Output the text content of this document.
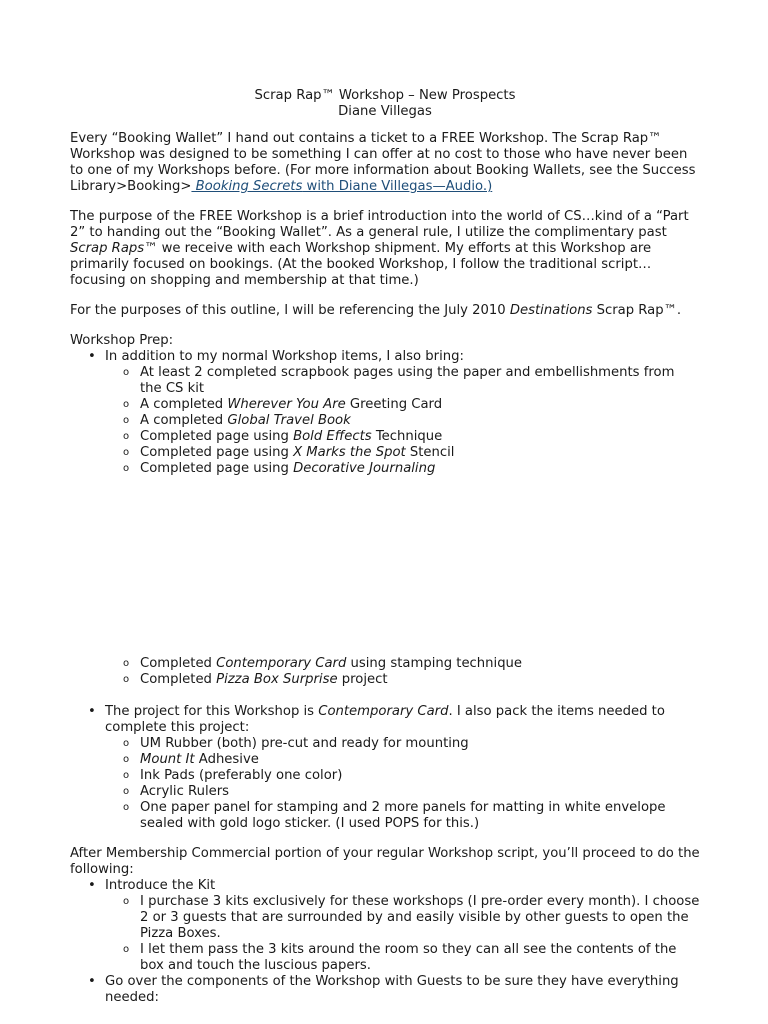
Scrap Rap™ Workshop – New Prospects
Diane Villegas

Every “Booking Wallet” I hand out contains a ticket to a FREE Workshop. The Scrap Rap™ Workshop was designed to be something I can offer at no cost to those who have never been to one of my Workshops before. (For more information about Booking Wallets, see the Success Library>Booking> Booking Secrets with Diane Villegas—Audio.)

The purpose of the FREE Workshop is a brief introduction into the world of CS…kind of a “Part 2” to handing out the “Booking Wallet”. As a general rule, I utilize the complimentary past Scrap Raps™ we receive with each Workshop shipment. My efforts at this Workshop are primarily focused on bookings. (At the booked Workshop, I follow the traditional script… focusing on shopping and membership at that time.)

For the purposes of this outline, I will be referencing the July 2010 Destinations Scrap Rap™.

Workshop Prep:

• In addition to my normal Workshop items, I also bring:
o At least 2 completed scrapbook pages using the paper and embellishments from the CS kit
o A completed Wherever You Are Greeting Card
o A completed Global Travel Book
o Completed page using Bold Effects Technique
o Completed page using X Marks the Spot Stencil
o Completed page using Decorative Journaling
o Completed Contemporary Card using stamping technique
o Completed Pizza Box Surprise project
• The project for this Workshop is Contemporary Card. I also pack the items needed to complete this project:
o UM Rubber (both) pre-cut and ready for mounting
o Mount It Adhesive
o Ink Pads (preferably one color)
o Acrylic Rulers
o One paper panel for stamping and 2 more panels for matting in white envelope sealed with gold logo sticker. (I used POPS for this.)

After Membership Commercial portion of your regular Workshop script, you’ll proceed to do the following:

• Introduce the Kit
o I purchase 3 kits exclusively for these workshops (I pre-order every month). I choose 2 or 3 guests that are surrounded by and easily visible by other guests to open the Pizza Boxes.
o I let them pass the 3 kits around the room so they can all see the contents of the box and touch the luscious papers.
• Go over the components of the Workshop with Guests to be sure they have everything needed:
